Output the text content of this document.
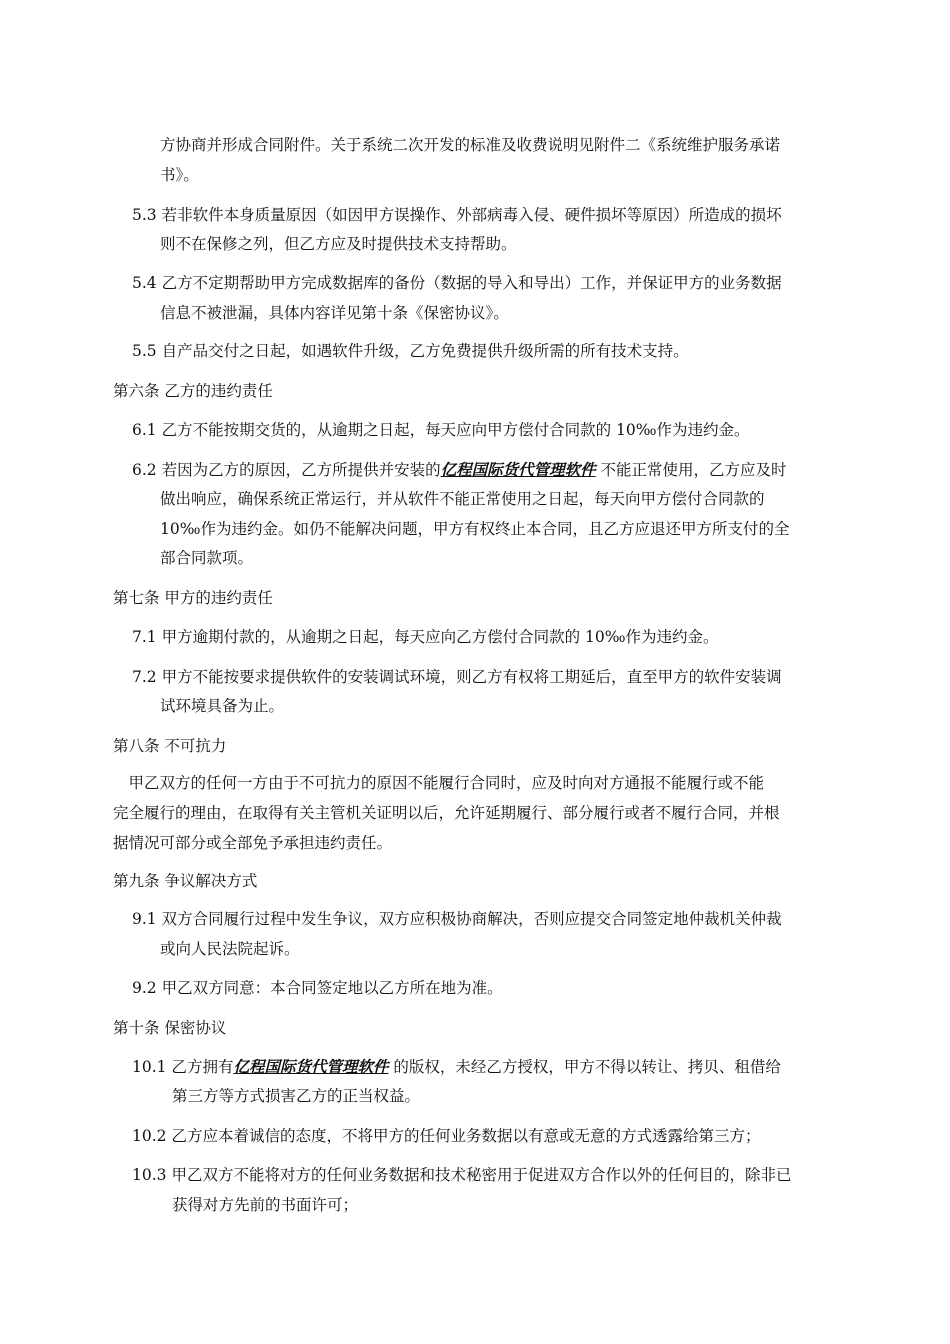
方协商并形成合同附件。关于系统二次开发的标准及收费说明见附件二《系统维护服务承诺
书》。
5.3 若非软件本身质量原因（如因甲方误操作、外部病毒入侵、硬件损坏等原因）所造成的损坏
则不在保修之列，但乙方应及时提供技术支持帮助。
5.4 乙方不定期帮助甲方完成数据库的备份（数据的导入和导出）工作，并保证甲方的业务数据
信息不被泄漏，具体内容详见第十条《保密协议》。
5.5 自产品交付之日起，如遇软件升级，乙方免费提供升级所需的所有技术支持。
第六条 乙方的违约责任
6.1 乙方不能按期交货的，从逾期之日起，每天应向甲方偿付合同款的 10‰作为违约金。
6.2 若因为乙方的原因，乙方所提供并安装的亿程国际货代管理软件 不能正常使用，乙方应及时
做出响应，确保系统正常运行，并从软件不能正常使用之日起，每天向甲方偿付合同款的
10‰作为违约金。如仍不能解决问题，甲方有权终止本合同，且乙方应退还甲方所支付的全
部合同款项。
第七条 甲方的违约责任
7.1 甲方逾期付款的，从逾期之日起，每天应向乙方偿付合同款的 10‰作为违约金。
7.2 甲方不能按要求提供软件的安装调试环境，则乙方有权将工期延后，直至甲方的软件安装调
试环境具备为止。
第八条 不可抗力
　甲乙双方的任何一方由于不可抗力的原因不能履行合同时，应及时向对方通报不能履行或不能
完全履行的理由，在取得有关主管机关证明以后，允许延期履行、部分履行或者不履行合同，并根
据情况可部分或全部免予承担违约责任。
第九条 争议解决方式
9.1 双方合同履行过程中发生争议，双方应积极协商解决，否则应提交合同签定地仲裁机关仲裁
或向人民法院起诉。
9.2 甲乙双方同意：本合同签定地以乙方所在地为准。
第十条 保密协议
10.1 乙方拥有亿程国际货代管理软件 的版权，未经乙方授权，甲方不得以转让、拷贝、租借给
第三方等方式损害乙方的正当权益。
10.2 乙方应本着诚信的态度，不将甲方的任何业务数据以有意或无意的方式透露给第三方；
10.3 甲乙双方不能将对方的任何业务数据和技术秘密用于促进双方合作以外的任何目的，除非已
获得对方先前的书面许可；
